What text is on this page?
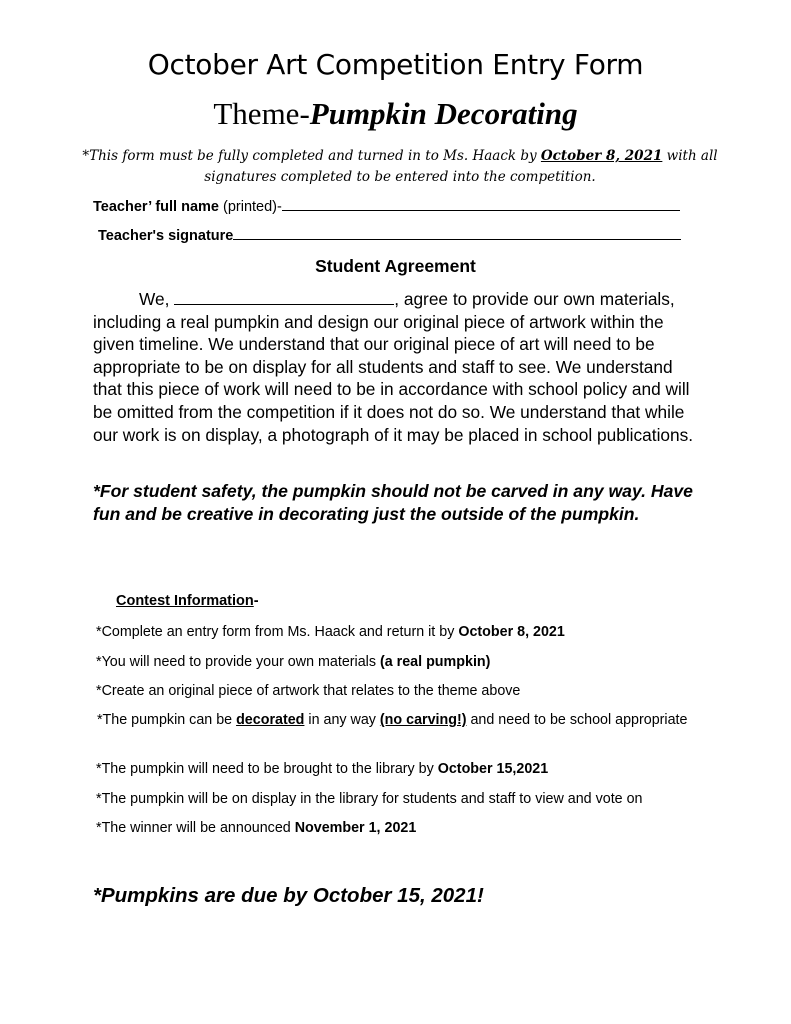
October Art Competition Entry Form
Theme-Pumpkin Decorating
*This form must be fully completed and turned in to Ms. Haack by October 8, 2021 with all signatures completed to be entered into the competition.
Teacher’ full name (printed)-
Teacher's signature
Student Agreement
We,	, agree to provide our own materials, including a real pumpkin and design our original piece of artwork within the given timeline. We understand that our original piece of art will need to be appropriate to be on display for all students and staff to see. We understand that this piece of work will need to be in accordance with school policy and will be omitted from the competition if it does not do so. We understand that while our work is on display, a photograph of it may be placed in school publications.
*For student safety, the pumpkin should not be carved in any way. Have fun and be creative in decorating just the outside of the pumpkin.
Contest Information-
*Complete an entry form from Ms. Haack and return it by October 8, 2021
*You will need to provide your own materials (a real pumpkin)
*Create an original piece of artwork that relates to the theme above
*The pumpkin can be decorated in any way (no carving!) and need to be school appropriate
*The pumpkin will need to be brought to the library by October 15,2021
*The pumpkin will be on display in the library for students and staff to view and vote on
*The winner will be announced November 1, 2021
*Pumpkins are due by October 15, 2021!
